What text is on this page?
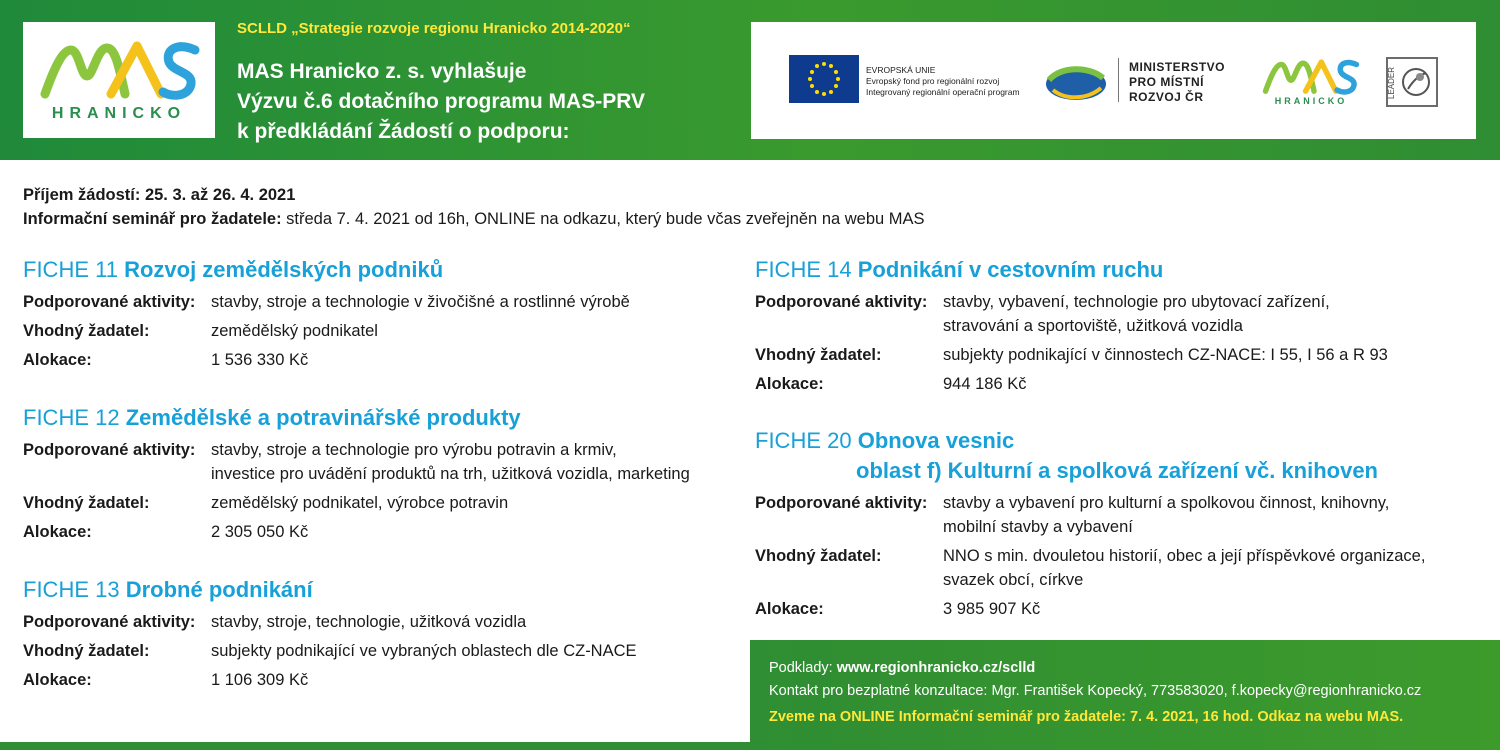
HRANICKO
SCLLD „Strategie rozvoje regionu Hranicko 2014-2020“
MAS Hranicko z. s. vyhlašuje
Výzvu č.6 dotačního programu MAS-PRV
k předkládání Žádostí o podporu:
EVROPSKÁ UNIE
Evropský fond pro regionální rozvoj
Integrovaný regionální operační program
MINISTERSTVO
PRO MÍSTNÍ
ROZVOJ ČR	HRANICKO
LEADER
Příjem žádostí: 25. 3. až 26. 4. 2021
Informační seminář pro žadatele: středa 7. 4. 2021 od 16h, ONLINE na odkazu, který bude včas zveřejněn na webu MAS
FICHE 11 Rozvoj zemědělských podniků
Podporované aktivity: stavby, stroje a technologie v živočišné a rostlinné výrobě
Vhodný žadatel:	zemědělský podnikatel
Alokace:	1 536 330 Kč
FICHE 12 Zemědělské a potravinářské produkty
Podporované aktivity: stavby, stroje a technologie pro výrobu potravin a krmiv,
investice pro uvádění produktů na trh, užitková vozidla, marketing
Vhodný žadatel:	zemědělský podnikatel, výrobce potravin
Alokace:	2 305 050 Kč
FICHE 13 Drobné podnikání
Podporované aktivity: stavby, stroje, technologie, užitková vozidla
Vhodný žadatel:	subjekty podnikající ve vybraných oblastech dle CZ-NACE
Alokace:	1 106 309 Kč
FICHE 14 Podnikání v cestovním ruchu
Podporované aktivity: stavby, vybavení, technologie pro ubytovací zařízení,
stravování a sportoviště, užitková vozidla
Vhodný žadatel:	subjekty podnikající v činnostech CZ-NACE: I 55, I 56 a R 93
Alokace:	944 186 Kč
FICHE 20 Obnova vesnic
oblast f) Kulturní a spolková zařízení vč. knihoven
Podporované aktivity: stavby a vybavení pro kulturní a spolkovou činnost, knihovny,
mobilní stavby a vybavení
Vhodný žadatel:	NNO s min. dvouletou historií, obec a její příspěvkové organizace,
svazek obcí, církve
Alokace:	3 985 907 Kč
Podklady: www.regionhranicko.cz/sclld
Kontakt pro bezplatné konzultace: Mgr. František Kopecký, 773583020, f.kopecky@regionhranicko.cz
Zveme na ONLINE Informační seminář pro žadatele: 7. 4. 2021, 16 hod. Odkaz na webu MAS.
